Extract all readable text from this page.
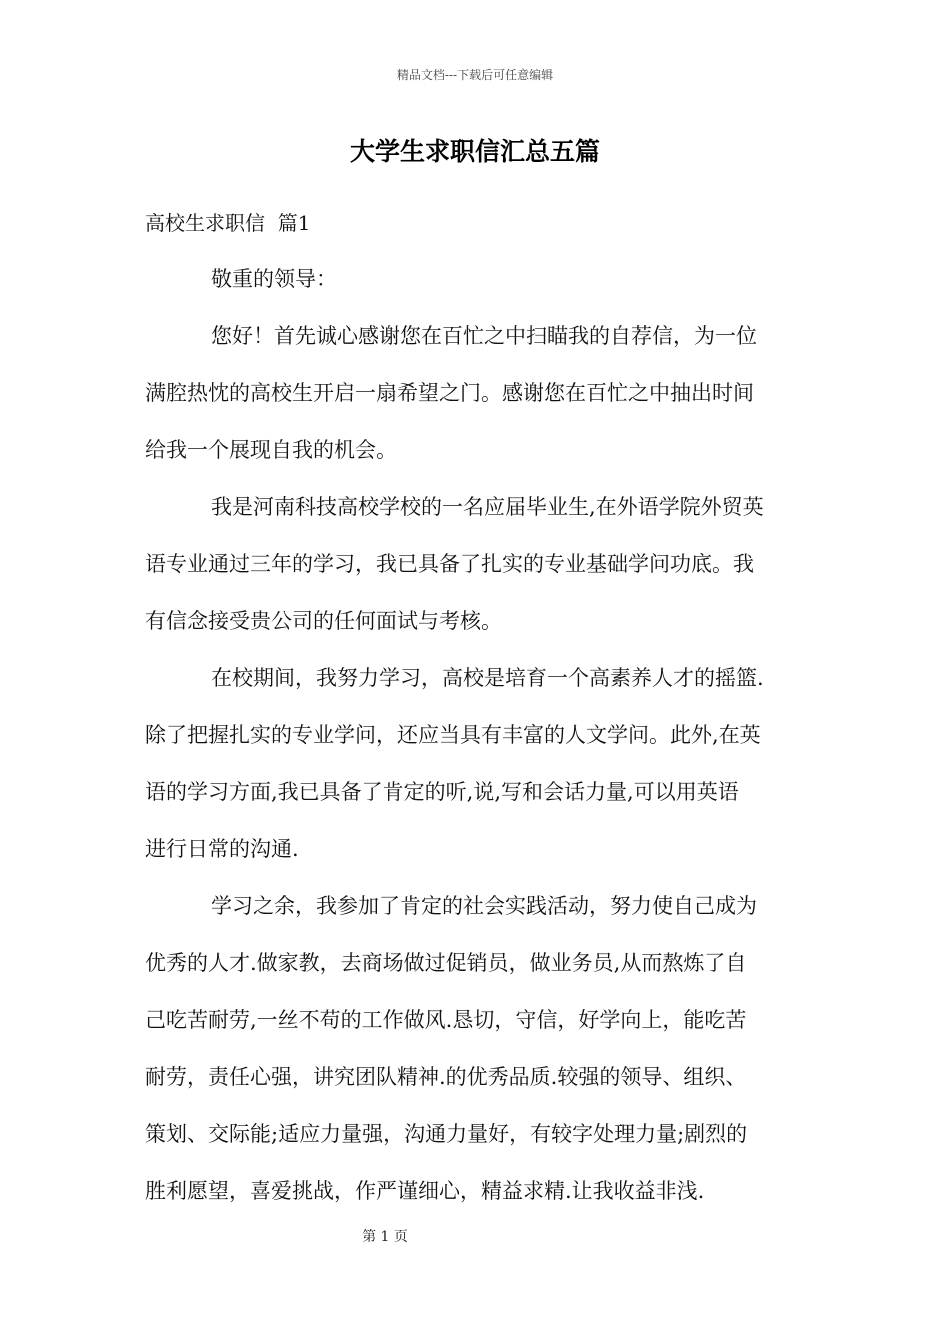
精品文档---下载后可任意编辑
大学生求职信汇总五篇
高校生求职信  篇1
敬重的领导：
您好！首先诚心感谢您在百忙之中扫瞄我的自荐信，为一位
满腔热忱的高校生开启一扇希望之门。感谢您在百忙之中抽出时间
给我一个展现自我的机会。
我是河南科技高校学校的一名应届毕业生,在外语学院外贸英
语专业通过三年的学习，我已具备了扎实的专业基础学问功底。我
有信念接受贵公司的任何面试与考核。
在校期间，我努力学习，高校是培育一个高素养人才的摇篮.
除了把握扎实的专业学问，还应当具有丰富的人文学问。此外,在英
语的学习方面,我已具备了肯定的听,说,写和会话力量,可以用英语
进行日常的沟通.
学习之余，我参加了肯定的社会实践活动，努力使自己成为
优秀的人才.做家教，去商场做过促销员，做业务员,从而熬炼了自
己吃苦耐劳,一丝不苟的工作做风.恳切，守信，好学向上，能吃苦
耐劳，责任心强，讲究团队精神.的优秀品质.较强的领导、组织、
策划、交际能;适应力量强，沟通力量好，有较字处理力量;剧烈的
胜利愿望，喜爱挑战，作严谨细心，精益求精.让我收益非浅.
第 1 页
